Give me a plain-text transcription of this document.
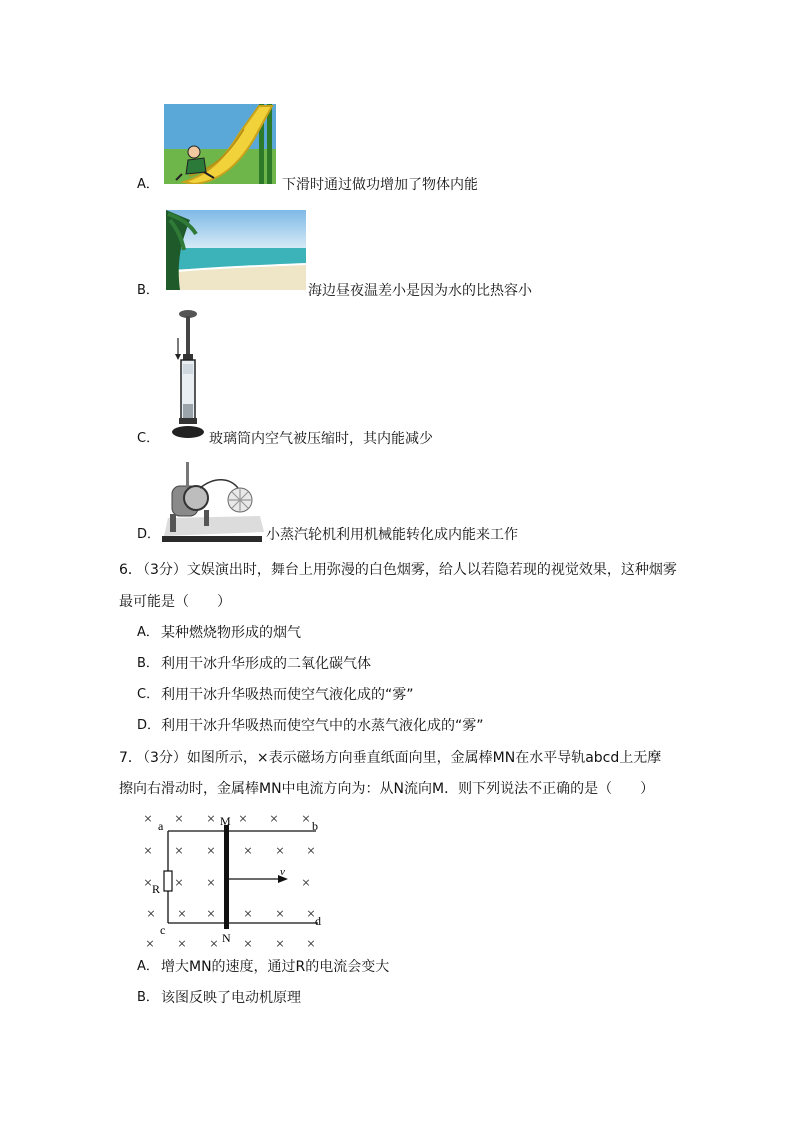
A．	下滑时通过做功增加了物体内能
B．	海边昼夜温差小是因为水的比热容小
C．	玻璃筒内空气被压缩时，其内能减少
D．	小蒸汽轮机利用机械能转化成内能来工作
6．
（3分）文娱演出时，舞台上用弥漫的白色烟雾，给人以若隐若现的视觉效果，这种烟雾
最可能是（　　）
A． 某种燃烧物形成的烟气
B． 利用干冰升华形成的二氧化碳气体
C． 利用干冰升华吸热而使空气液化成的“雾”
D． 利用干冰升华吸热而使空气中的水蒸气液化成的“雾”
7．
（3分）如图所示，×表示磁场方向垂直纸面向里，金属棒MN在水平导轨abcd上无摩
擦向右滑动时，金属棒MN中电流方向为：从N流向M．则下列说法不正确的是（　　）
× × × × × ×
× × × × × ×
× × ×	×
× × × × × ×
× × × × × ×
a	b
c
d
M
N
R
v
A． 增大MN的速度，通过R的电流会变大
B． 该图反映了电动机原理
